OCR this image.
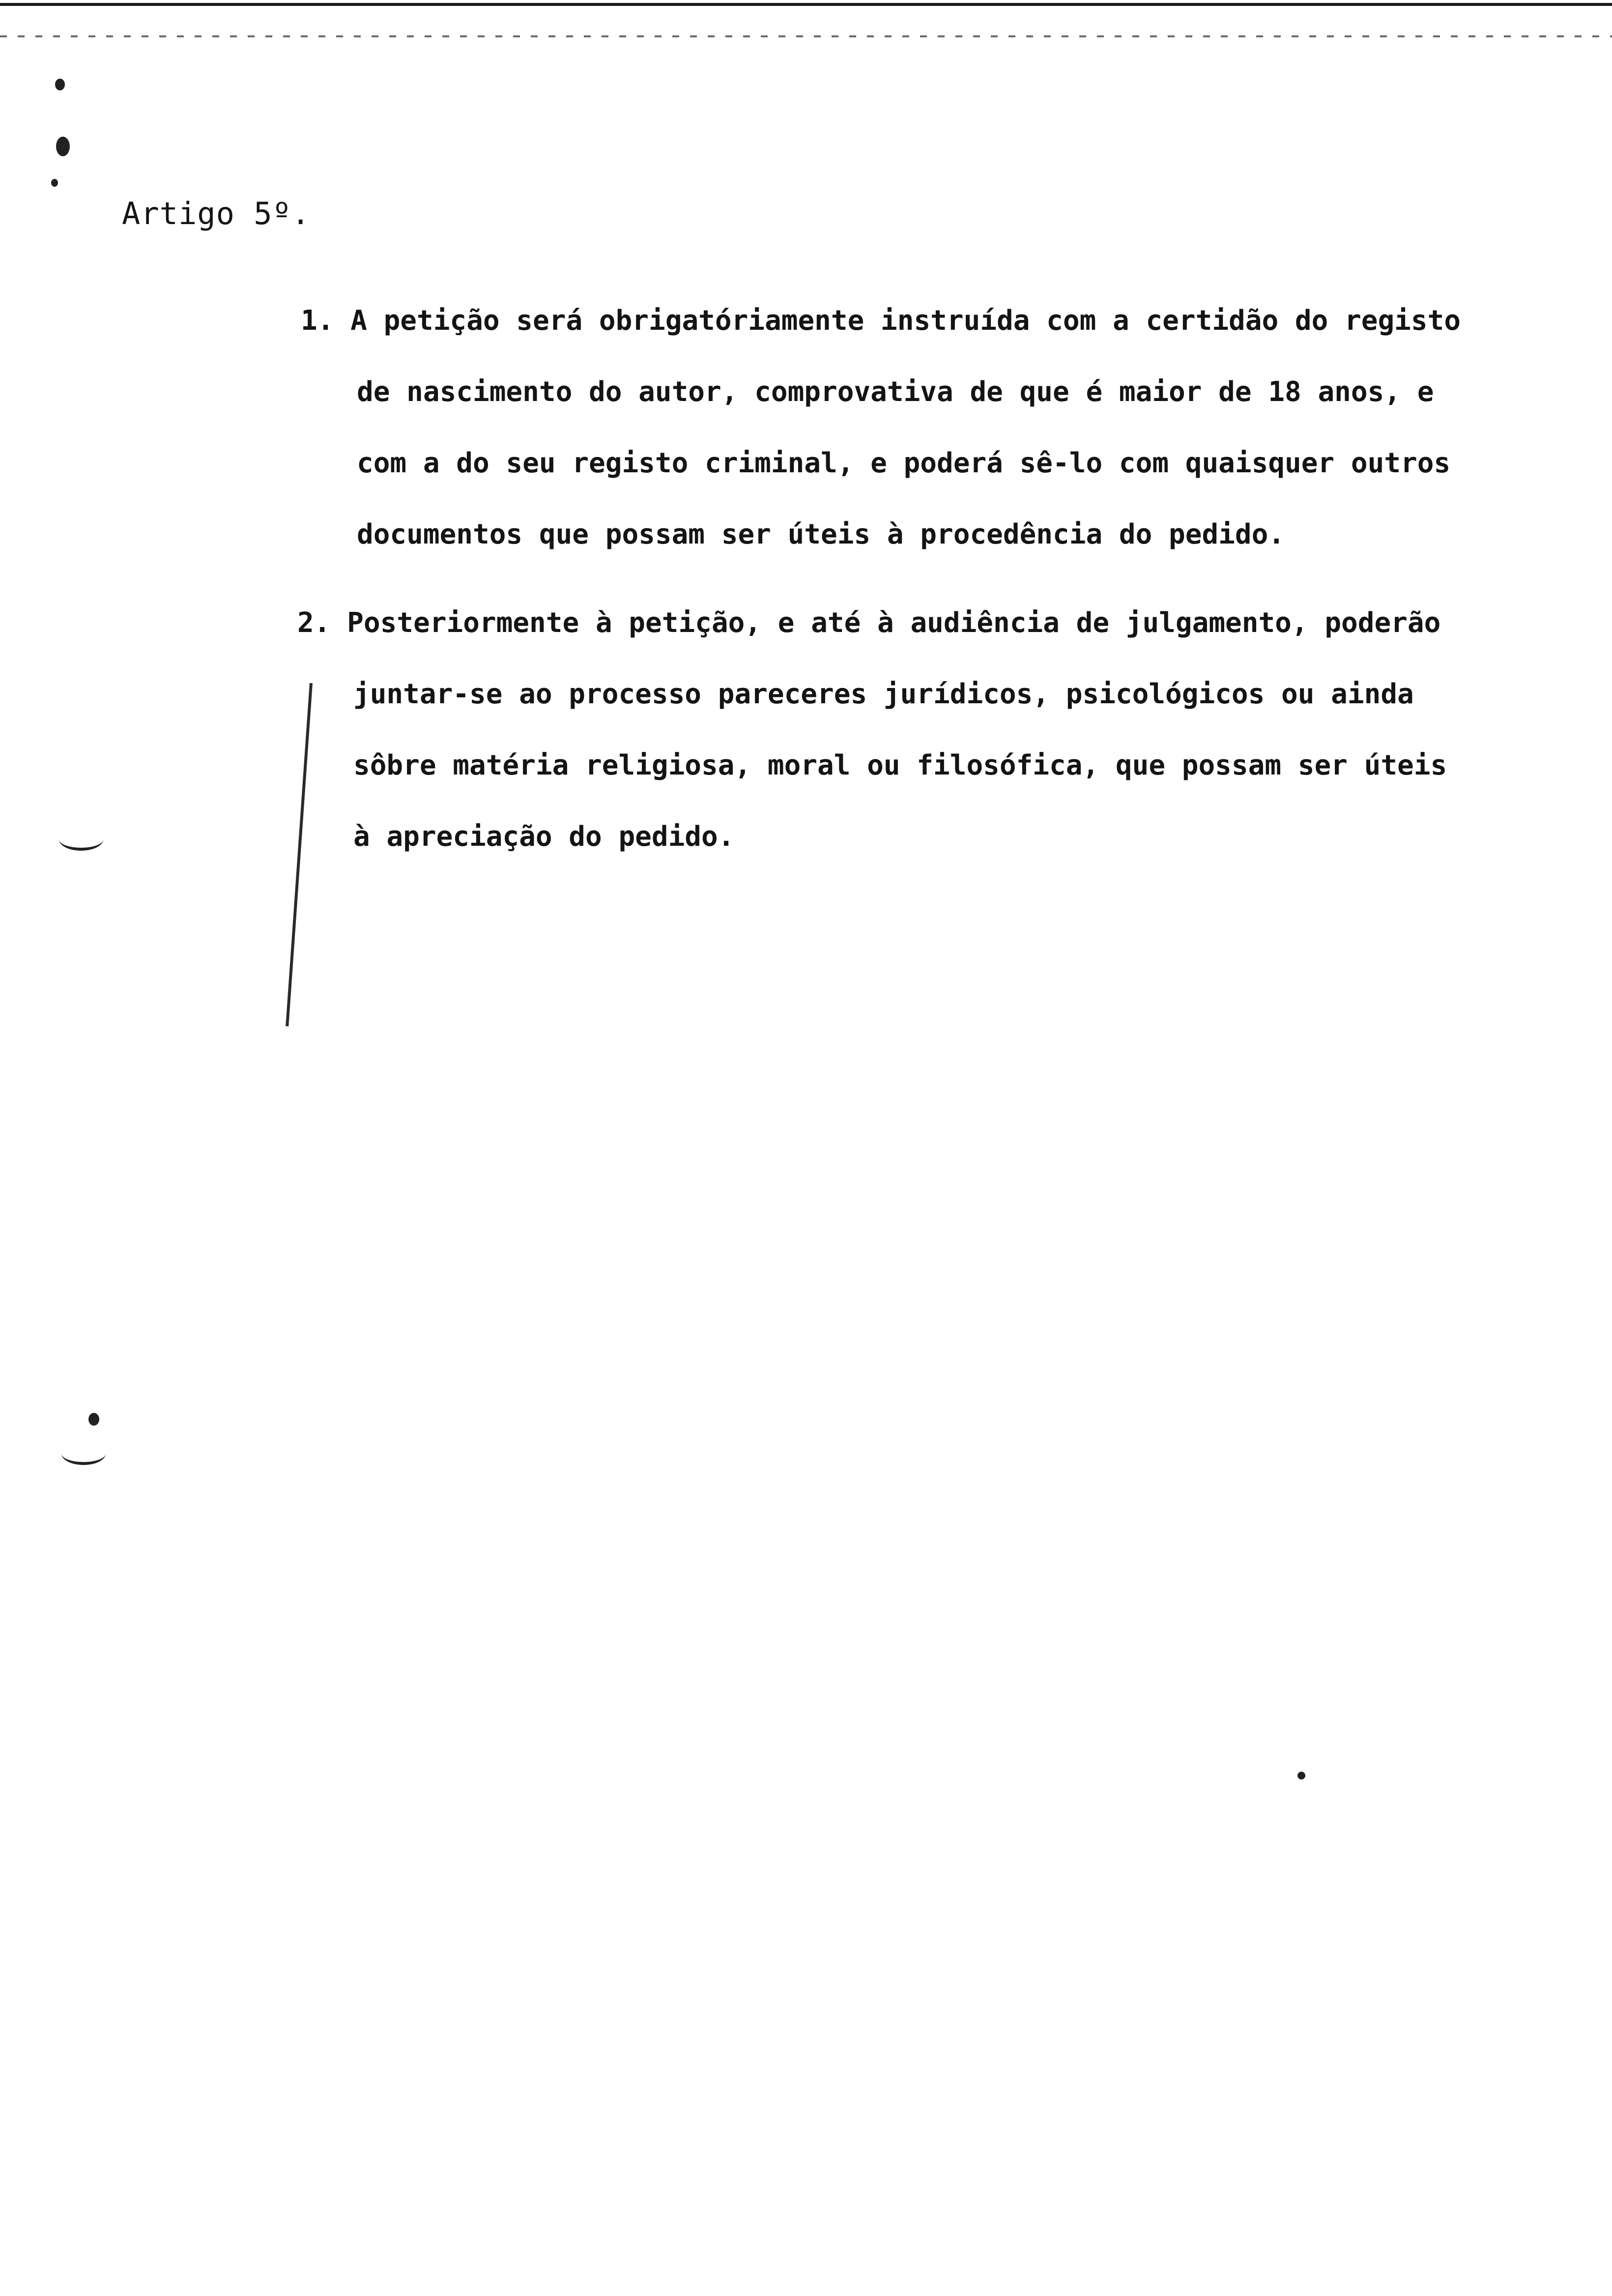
Artigo 5º.

1. A petição será obrigatóriamente instruída com a certidão do registo
de nascimento do autor, comprovativa de que é maior de 18 anos, e
com a do seu registo criminal, e poderá sê-lo com quaisquer outros
documentos que possam ser úteis à procedência do pedido.

2. Posteriormente à petição, e até à audiência de julgamento, poderão
juntar-se ao processo pareceres jurídicos, psicológicos ou ainda
sôbre matéria religiosa, moral ou filosófica, que possam ser úteis
à apreciação do pedido.
